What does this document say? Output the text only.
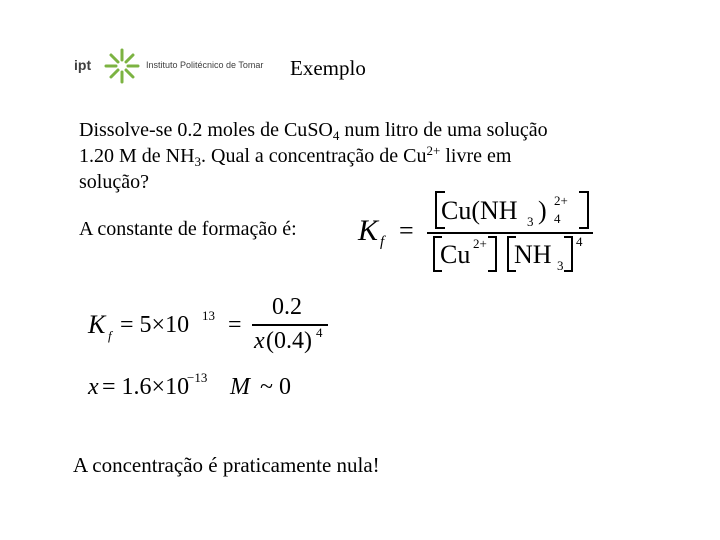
ipt	Instituto Politécnico de Tomar Exemplo
Dissolve-se 0.2 moles de CuSO$_4$ num litro de uma solução
1.20 M de $NH_3$. Qual a concentração de $Cu^{2+}$ livre em
solução?
A constante de formação é: K f =
Cu(NH 3 ) 4
2+
Cu 2+ NH 3
4
K f = 5×10 13 =
0.2
x (0.4) 4
x = 1.6×10
−13 M ~ 0
A concentração é praticamente nula!
